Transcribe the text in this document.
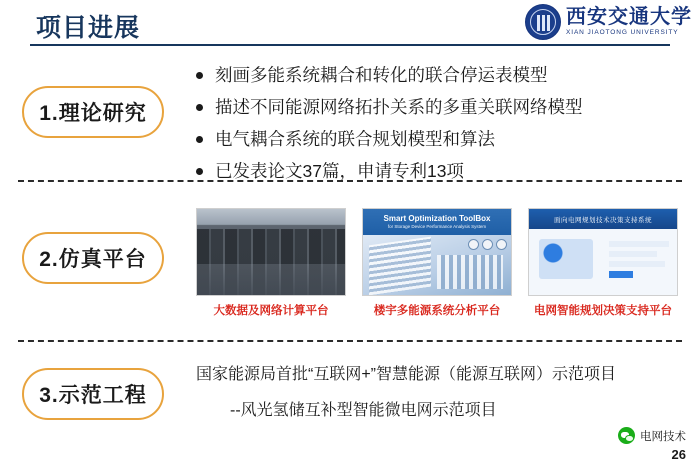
项目进展	西安交通大学
XIAN JIAOTONG UNIVERSITY
1.理论研究
刻画多能系统耦合和转化的联合停运表模型
描述不同能源网络拓扑关系的多重关联网络模型
电气耦合系统的联合规划模型和算法
已发表论文37篇，申请专利13项
2.仿真平台
大数据及网络计算平台
Smart Optimization ToolBox
for Storage Device Performance Analysis System
楼宇多能源系统分析平台
面向电网规划技术决策支持系统
电网智能规划决策支持平台
3.示范工程
国家能源局首批“互联网+”智慧能源（能源互联网）示范项目
--风光氢储互补型智能微电网示范项目
电网技术
26
